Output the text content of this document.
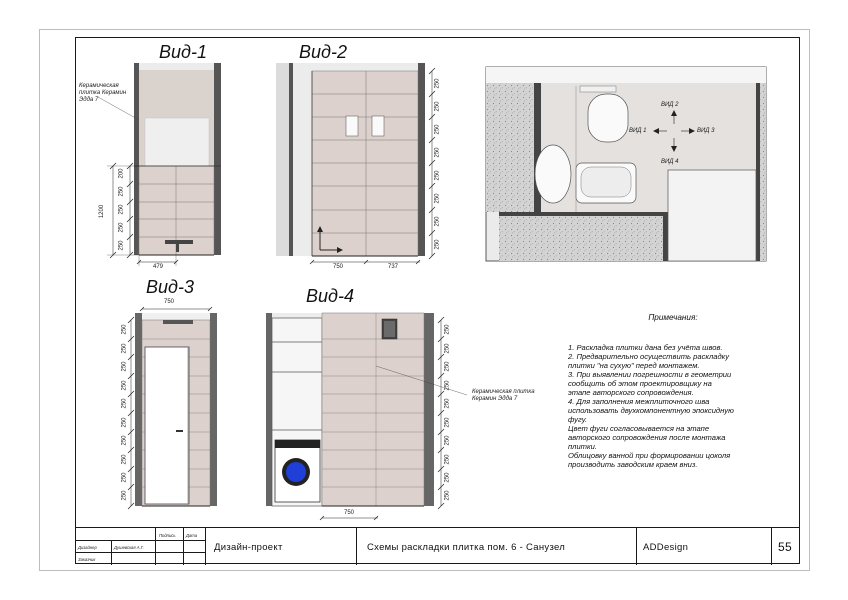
Вид-1	Вид-2
Вид-3	Вид-4
Керамическая
плитка Керамин
Эдда 7
Керамическая плитка
Керамин Эдда 7
200
250
250
250
250
1200
479
250
250
250
250
250
250
250
250
750	737
750
250
250
250
250
250
250
250
250
250
250
250
250
250
250
250
250
250
250
250
250
750
ВИД 1
ВИД 2
ВИД 3
ВИД 4
Примечания:
1. Раскладка плитки дана без учёта швов.
2. Предварительно осуществить раскладку
плитки "на сухую" перед монтажем.
3. При выявлении погрешности в геометрии
сообщить об этом проектировщику на
этапе авторского сопровождения.
4. Для заполнения межплиточного шва
использовать двухкомпонентную эпоксидную
фугу.
Цвет фуги согласовывается на этапе
авторского сопровождения после монтажа
плитки.
Облицовку ванной при формировании цоколя
производить заводским краем вниз.
Подпись Дата
Дизайнер	Душевская А.Г.
Заказчик
Дизайн-проект	Схемы раскладки плитка пом. 6 - Санузел	ADDesign	55
